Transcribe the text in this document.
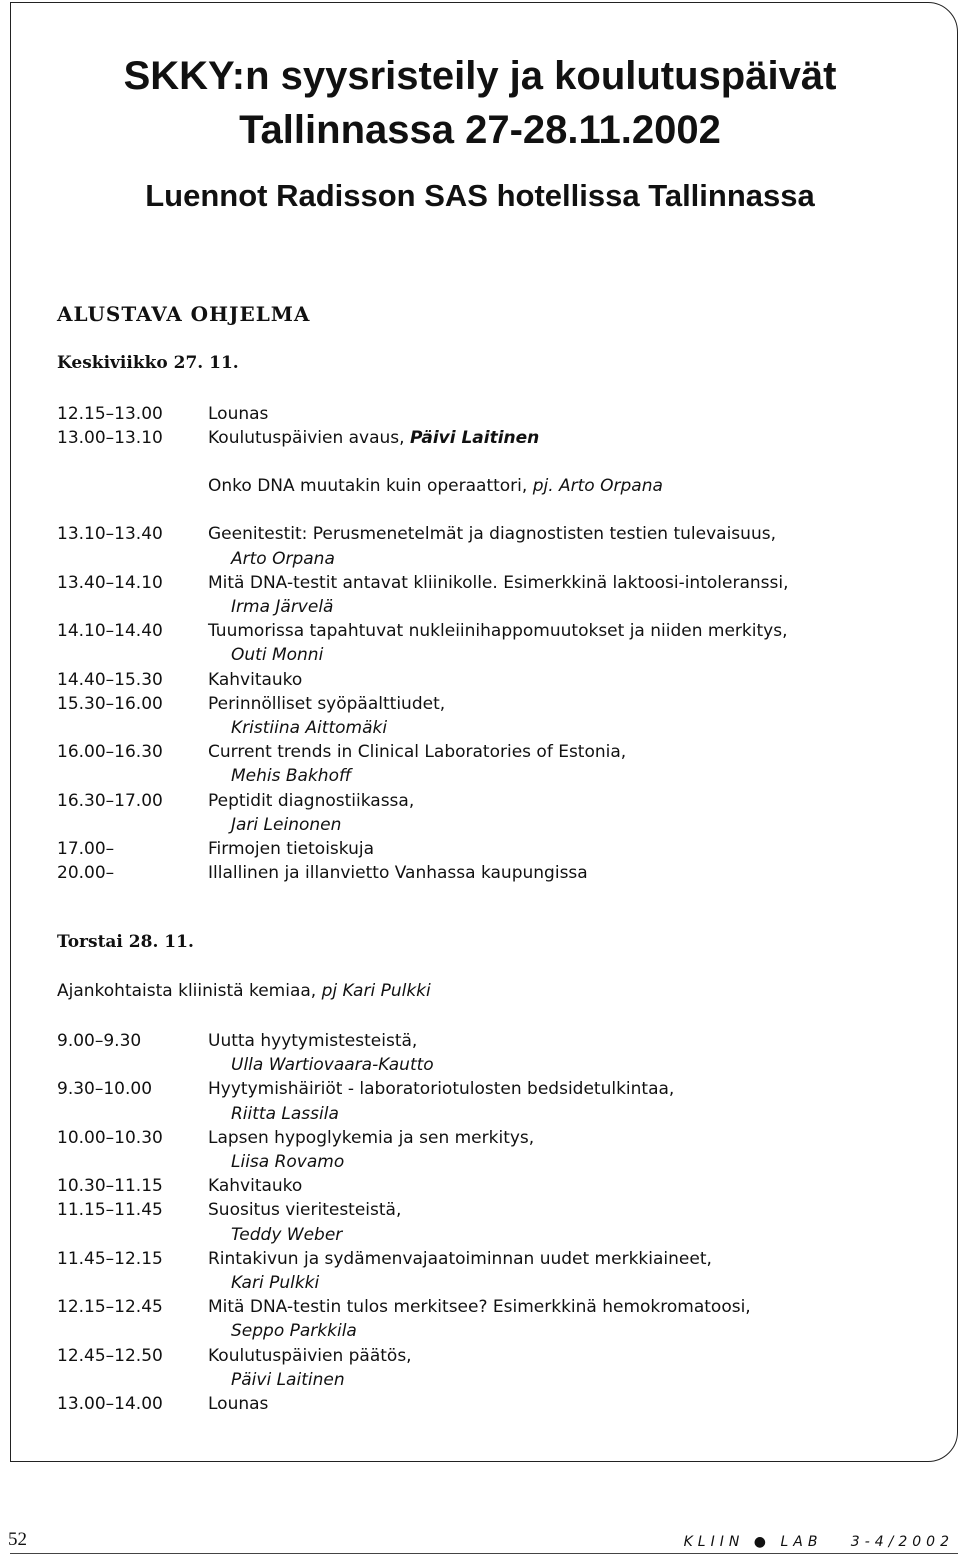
SKKY:n syysristeily ja koulutuspäivät
Tallinnassa 27-28.11.2002
Luennot Radisson SAS hotellissa Tallinnassa
ALUSTAVA OHJELMA
Keskiviikko 27. 11.
12.15–13.00	Lounas
13.00–13.10	Koulutuspäivien avaus, Päivi Laitinen
Onko DNA muutakin kuin operaattori, pj. Arto Orpana
13.10–13.40	Geenitestit: Perusmenetelmät ja diagnostisten testien tulevaisuus,
Arto Orpana
13.40–14.10	Mitä DNA-testit antavat kliinikolle. Esimerkkinä laktoosi-intoleranssi,
Irma Järvelä
14.10–14.40	Tuumorissa tapahtuvat nukleiinihappomuutokset ja niiden merkitys,
Outi Monni
14.40–15.30	Kahvitauko
15.30–16.00	Perinnölliset syöpäalttiudet,
Kristiina Aittomäki
16.00–16.30	Current trends in Clinical Laboratories of Estonia,
Mehis Bakhoff
16.30–17.00	Peptidit diagnostiikassa,
Jari Leinonen
17.00–	Firmojen tietoiskuja
20.00–	Illallinen ja illanvietto Vanhassa kaupungissa
Torstai 28. 11.
Ajankohtaista kliinistä kemiaa, pj Kari Pulkki
9.00–9.30	Uutta hyytymistesteistä,
Ulla Wartiovaara-Kautto
9.30–10.00	Hyytymishäiriöt - laboratoriotulosten bedsidetulkintaa,
Riitta Lassila
10.00–10.30	Lapsen hypoglykemia ja sen merkitys,
Liisa Rovamo
10.30–11.15	Kahvitauko
11.15–11.45	Suositus vieritesteistä,
Teddy Weber
11.45–12.15	Rintakivun ja sydämenvajaatoiminnan uudet merkkiaineet,
Kari Pulkki
12.15–12.45	Mitä DNA-testin tulos merkitsee? Esimerkkinä hemokromatoosi,
Seppo Parkkila
12.45–12.50	Koulutuspäivien päätös,
Päivi Laitinen
13.00–14.00	Lounas
52	KLIIN ● LAB 3-4/2002
